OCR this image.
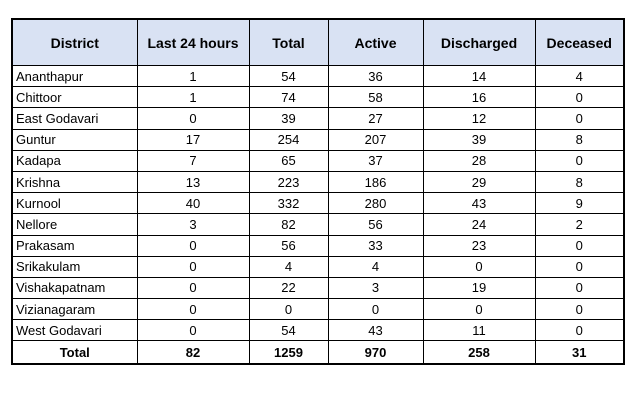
District	Last 24 hours	Total	Active	Discharged	Deceased
Ananthapur	1	54	36	14	4
Chittoor	1	74	58	16	0
East Godavari	0	39	27	12	0
Guntur	17	254	207	39	8
Kadapa	7	65	37	28	0
Krishna	13	223	186	29	8
Kurnool	40	332	280	43	9
Nellore	3	82	56	24	2
Prakasam	0	56	33	23	0
Srikakulam	0	4	4	0	0
Vishakapatnam	0	22	3	19	0
Vizianagaram	0	0	0	0	0
West Godavari	0	54	43	11	0
Total	82	1259	970	258	31
